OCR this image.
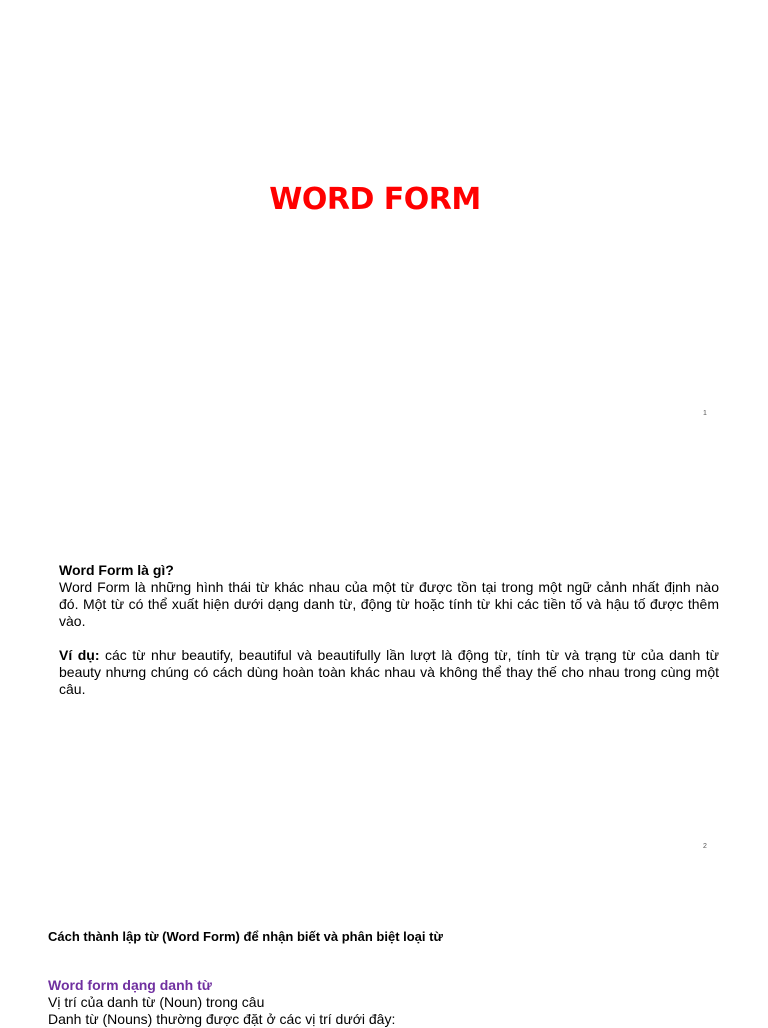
WORD FORM
1

Word Form là gì?

Word Form là những hình thái từ khác nhau của một từ được tồn tại trong một ngữ cảnh nhất định nào đó. Một từ có thể xuất hiện dưới dạng danh từ, động từ hoặc tính từ khi các tiền tố và hậu tố được thêm vào.

Ví dụ: các từ như beautify, beautiful và beautifully lần lượt là động từ, tính từ và trạng từ của danh từ beauty nhưng chúng có cách dùng hoàn toàn khác nhau và không thể thay thế cho nhau trong cùng một câu.

2

Cách thành lập từ (Word Form) để nhận biết và phân biệt loại từ

Word form dạng danh từ

Vị trí của danh từ (Noun) trong câu

Danh từ (Nouns) thường được đặt ở các vị trí dưới đây:
